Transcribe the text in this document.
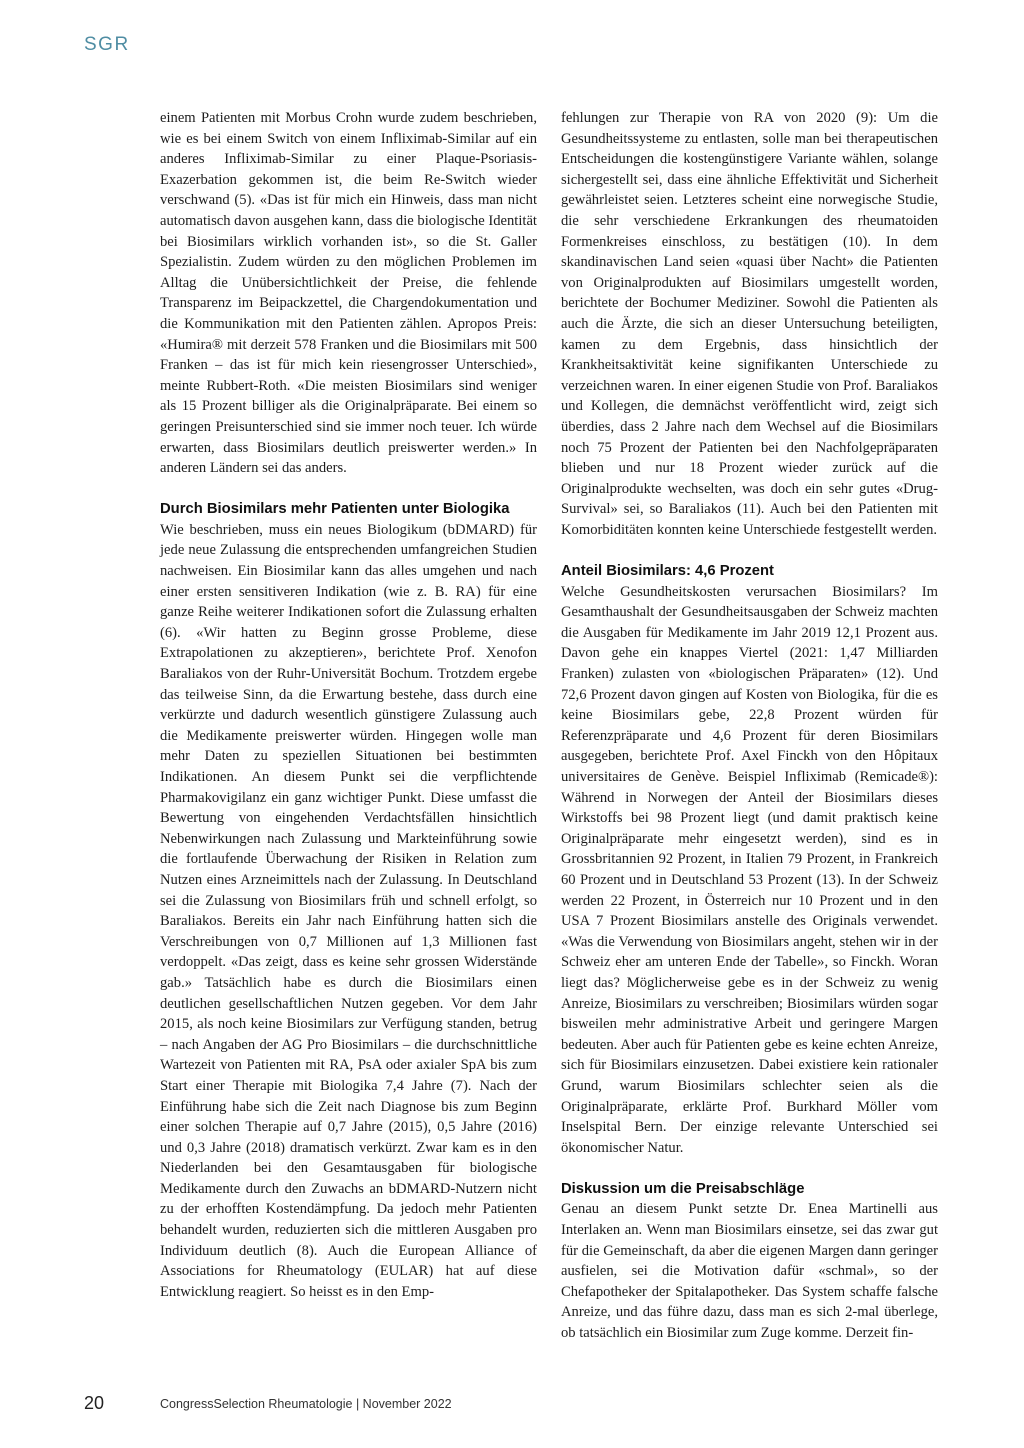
SGR

einem Patienten mit Morbus Crohn wurde zudem beschrieben, wie es bei einem Switch von einem Infliximab-Similar auf ein anderes Infliximab-Similar zu einer Plaque-Psoriasis-Exazerbation gekommen ist, die beim Re-Switch wieder verschwand (5). «Das ist für mich ein Hinweis, dass man nicht automatisch davon ausgehen kann, dass die biologische Identität bei Biosimilars wirklich vorhanden ist», so die St. Galler Spezialistin. Zudem würden zu den möglichen Problemen im Alltag die Unübersichtlichkeit der Preise, die fehlende Transparenz im Beipackzettel, die Chargendokumentation und die Kommunikation mit den Patienten zählen. Apropos Preis: «Humira® mit derzeit 578 Franken und die Biosimilars mit 500 Franken – das ist für mich kein riesengrosser Unterschied», meinte Rubbert-Roth. «Die meisten Biosimilars sind weniger als 15 Prozent billiger als die Originalpräparate. Bei einem so geringen Preisunterschied sind sie immer noch teuer. Ich würde erwarten, dass Biosimilars deutlich preiswerter werden.» In anderen Ländern sei das anders.

Durch Biosimilars mehr Patienten unter Biologika

Wie beschrieben, muss ein neues Biologikum (bDMARD) für jede neue Zulassung die entsprechenden umfangreichen Studien nachweisen. Ein Biosimilar kann das alles umgehen und nach einer ersten sensitiveren Indikation (wie z. B. RA) für eine ganze Reihe weiterer Indikationen sofort die Zulassung erhalten (6). «Wir hatten zu Beginn grosse Probleme, diese Extrapolationen zu akzeptieren», berichtete Prof. Xenofon Baraliakos von der Ruhr-Universität Bochum. Trotzdem ergebe das teilweise Sinn, da die Erwartung bestehe, dass durch eine verkürzte und dadurch wesentlich günstigere Zulassung auch die Medikamente preiswerter würden. Hingegen wolle man mehr Daten zu speziellen Situationen bei bestimmten Indikationen. An diesem Punkt sei die verpflichtende Pharmakovigilanz ein ganz wichtiger Punkt. Diese umfasst die Bewertung von eingehenden Verdachtsfällen hinsichtlich Nebenwirkungen nach Zulassung und Markteinführung sowie die fortlaufende Überwachung der Risiken in Relation zum Nutzen eines Arzneimittels nach der Zulassung. In Deutschland sei die Zulassung von Biosimilars früh und schnell erfolgt, so Baraliakos. Bereits ein Jahr nach Einführung hatten sich die Verschreibungen von 0,7 Millionen auf 1,3 Millionen fast verdoppelt. «Das zeigt, dass es keine sehr grossen Widerstände gab.» Tatsächlich habe es durch die Biosimilars einen deutlichen gesellschaftlichen Nutzen gegeben. Vor dem Jahr 2015, als noch keine Biosimilars zur Verfügung standen, betrug – nach Angaben der AG Pro Biosimilars – die durchschnittliche Wartezeit von Patienten mit RA, PsA oder axialer SpA bis zum Start einer Therapie mit Biologika 7,4 Jahre (7). Nach der Einführung habe sich die Zeit nach Diagnose bis zum Beginn einer solchen Therapie auf 0,7 Jahre (2015), 0,5 Jahre (2016) und 0,3 Jahre (2018) dramatisch verkürzt. Zwar kam es in den Niederlanden bei den Gesamtausgaben für biologische Medikamente durch den Zuwachs an bDMARD-Nutzern nicht zu der erhofften Kostendämpfung. Da jedoch mehr Patienten behandelt wurden, reduzierten sich die mittleren Ausgaben pro Individuum deutlich (8). Auch die European Alliance of Associations for Rheumatology (EULAR) hat auf diese Entwicklung reagiert. So heisst es in den Emp-

fehlungen zur Therapie von RA von 2020 (9): Um die Gesundheitssysteme zu entlasten, solle man bei therapeutischen Entscheidungen die kostengünstigere Variante wählen, solange sichergestellt sei, dass eine ähnliche Effektivität und Sicherheit gewährleistet seien. Letzteres scheint eine norwegische Studie, die sehr verschiedene Erkrankungen des rheumatoiden Formenkreises einschloss, zu bestätigen (10). In dem skandinavischen Land seien «quasi über Nacht» die Patienten von Originalprodukten auf Biosimilars umgestellt worden, berichtete der Bochumer Mediziner. Sowohl die Patienten als auch die Ärzte, die sich an dieser Untersuchung beteiligten, kamen zu dem Ergebnis, dass hinsichtlich der Krankheitsaktivität keine signifikanten Unterschiede zu verzeichnen waren. In einer eigenen Studie von Prof. Baraliakos und Kollegen, die demnächst veröffentlicht wird, zeigt sich überdies, dass 2 Jahre nach dem Wechsel auf die Biosimilars noch 75 Prozent der Patienten bei den Nachfolgepräparaten blieben und nur 18 Prozent wieder zurück auf die Originalprodukte wechselten, was doch ein sehr gutes «Drug-Survival» sei, so Baraliakos (11). Auch bei den Patienten mit Komorbiditäten konnten keine Unterschiede festgestellt werden.

Anteil Biosimilars: 4,6 Prozent

Welche Gesundheitskosten verursachen Biosimilars? Im Gesamthaushalt der Gesundheitsausgaben der Schweiz machten die Ausgaben für Medikamente im Jahr 2019 12,1 Prozent aus. Davon gehe ein knappes Viertel (2021: 1,47 Milliarden Franken) zulasten von «biologischen Präparaten» (12). Und 72,6 Prozent davon gingen auf Kosten von Biologika, für die es keine Biosimilars gebe, 22,8 Prozent würden für Referenzpräparate und 4,6 Prozent für deren Biosimilars ausgegeben, berichtete Prof. Axel Finckh von den Hôpitaux universitaires de Genève. Beispiel Infliximab (Remicade®): Während in Norwegen der Anteil der Biosimilars dieses Wirkstoffs bei 98 Prozent liegt (und damit praktisch keine Originalpräparate mehr eingesetzt werden), sind es in Grossbritannien 92 Prozent, in Italien 79 Prozent, in Frankreich 60 Prozent und in Deutschland 53 Prozent (13). In der Schweiz werden 22 Prozent, in Österreich nur 10 Prozent und in den USA 7 Prozent Biosimilars anstelle des Originals verwendet. «Was die Verwendung von Biosimilars angeht, stehen wir in der Schweiz eher am unteren Ende der Tabelle», so Finckh. Woran liegt das? Möglicherweise gebe es in der Schweiz zu wenig Anreize, Biosimilars zu verschreiben; Biosimilars würden sogar bisweilen mehr administrative Arbeit und geringere Margen bedeuten. Aber auch für Patienten gebe es keine echten Anreize, sich für Biosimilars einzusetzen. Dabei existiere kein rationaler Grund, warum Biosimilars schlechter seien als die Originalpräparate, erklärte Prof. Burkhard Möller vom Inselspital Bern. Der einzige relevante Unterschied sei ökonomischer Natur.

Diskussion um die Preisabschläge

Genau an diesem Punkt setzte Dr. Enea Martinelli aus Interlaken an. Wenn man Biosimilars einsetze, sei das zwar gut für die Gemeinschaft, da aber die eigenen Margen dann geringer ausfielen, sei die Motivation dafür «schmal», so der Chefapotheker der Spitalapotheker. Das System schaffe falsche Anreize, und das führe dazu, dass man es sich 2-mal überlege, ob tatsächlich ein Biosimilar zum Zuge komme. Derzeit fin-

20	CongressSelection Rheumatologie | November 2022
